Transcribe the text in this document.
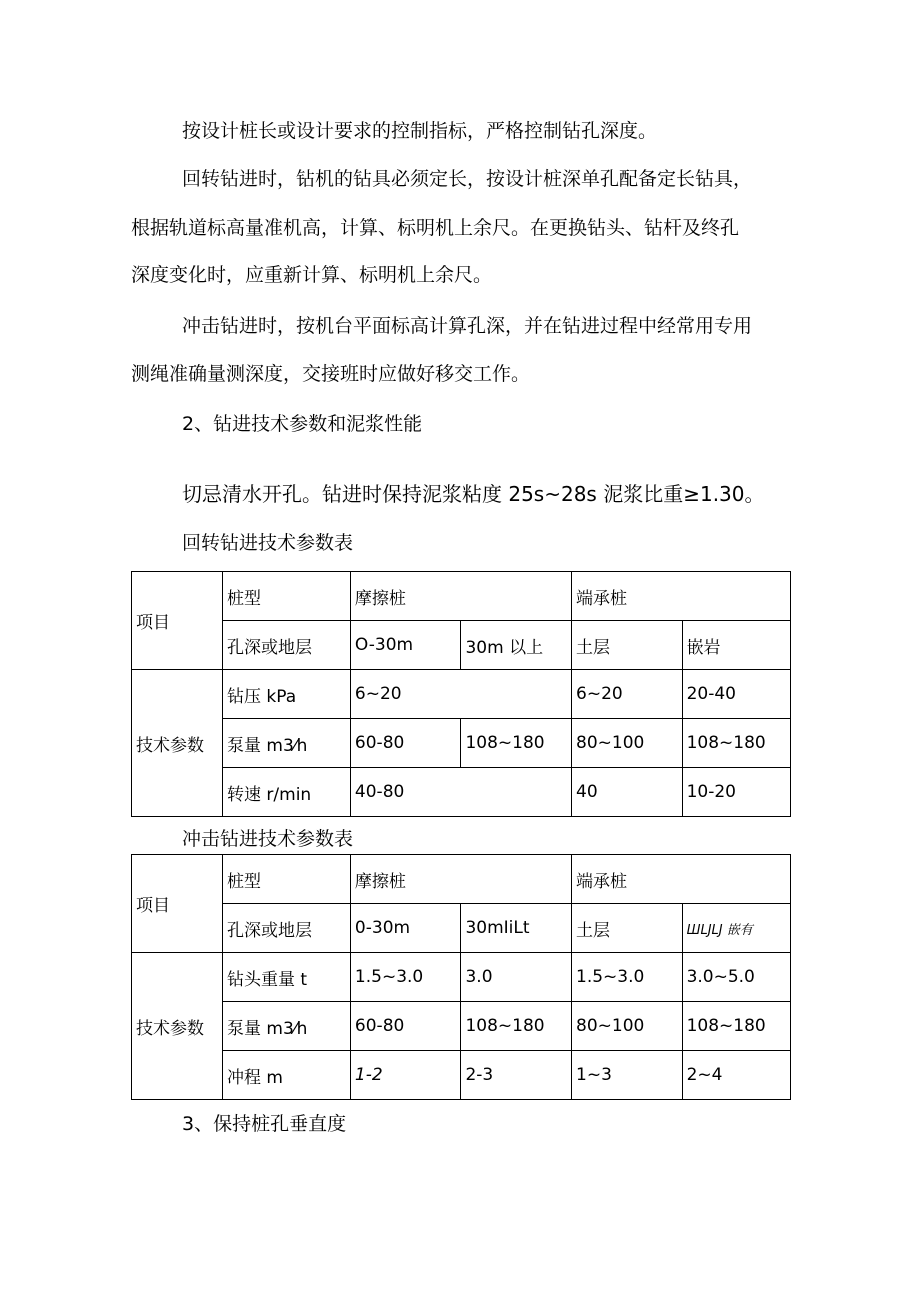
按设计桩长或设计要求的控制指标，严格控制钻孔深度。
回转钻进时，钻机的钻具必须定长，按设计桩深单孔配备定长钻具，
根据轨道标高量准机高，计算、标明机上余尺。在更换钻头、钻杆及终孔
深度变化时，应重新计算、标明机上余尺。
冲击钻进时，按机台平面标高计算孔深，并在钻进过程中经常用专用
测绳准确量测深度，交接班时应做好移交工作。
2、钻进技术参数和泥浆性能
切忌清水开孔。钻进时保持泥浆粘度 25s~28s 泥浆比重≥1.30。
回转钻进技术参数表
项目	桩型	摩擦桩		端承桩	
	孔深或地层	O-30m	30m 以上	土层	嵌岩
技术参数	钻压 kPa	6~20		6~20	20-40
	泵量 m3⁄h	60-80	108~180	80~100	108~180
	转速 r/min	40-80		40	10-20
冲击钻进技术参数表
项目	桩型	摩擦桩		端承桩	
	孔深或地层	0-30m	30mIiLt	土层	ШLJLJ 嵌有
技术参数	钻头重量 t	1.5~3.0	3.0	1.5~3.0	3.0~5.0
	泵量 m3⁄h	60-80	108~180	80~100	108~180
	冲程 m	1-2	2-3	1~3	2~4
3、保持桩孔垂直度
